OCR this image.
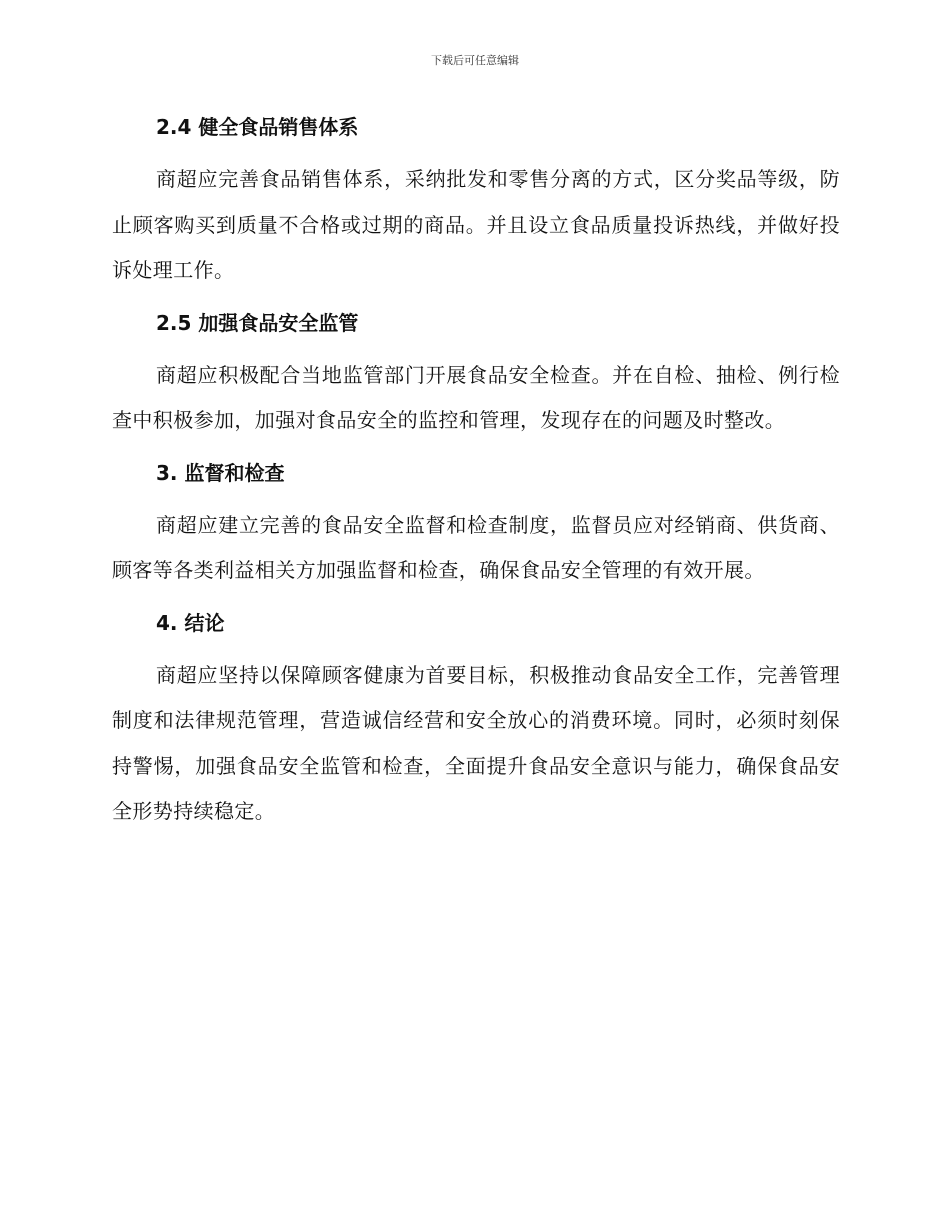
下载后可任意编辑
2.4 健全食品销售体系

商超应完善食品销售体系，采纳批发和零售分离的方式，区分奖品等级，防止顾客购买到质量不合格或过期的商品。并且设立食品质量投诉热线，并做好投诉处理工作。

2.5 加强食品安全监管

商超应积极配合当地监管部门开展食品安全检查。并在自检、抽检、例行检查中积极参加，加强对食品安全的监控和管理，发现存在的问题及时整改。

3. 监督和检查

商超应建立完善的食品安全监督和检查制度，监督员应对经销商、供货商、顾客等各类利益相关方加强监督和检查，确保食品安全管理的有效开展。

4. 结论

商超应坚持以保障顾客健康为首要目标，积极推动食品安全工作，完善管理制度和法律规范管理，营造诚信经营和安全放心的消费环境。同时，必须时刻保持警惕，加强食品安全监管和检查，全面提升食品安全意识与能力，确保食品安全形势持续稳定。
